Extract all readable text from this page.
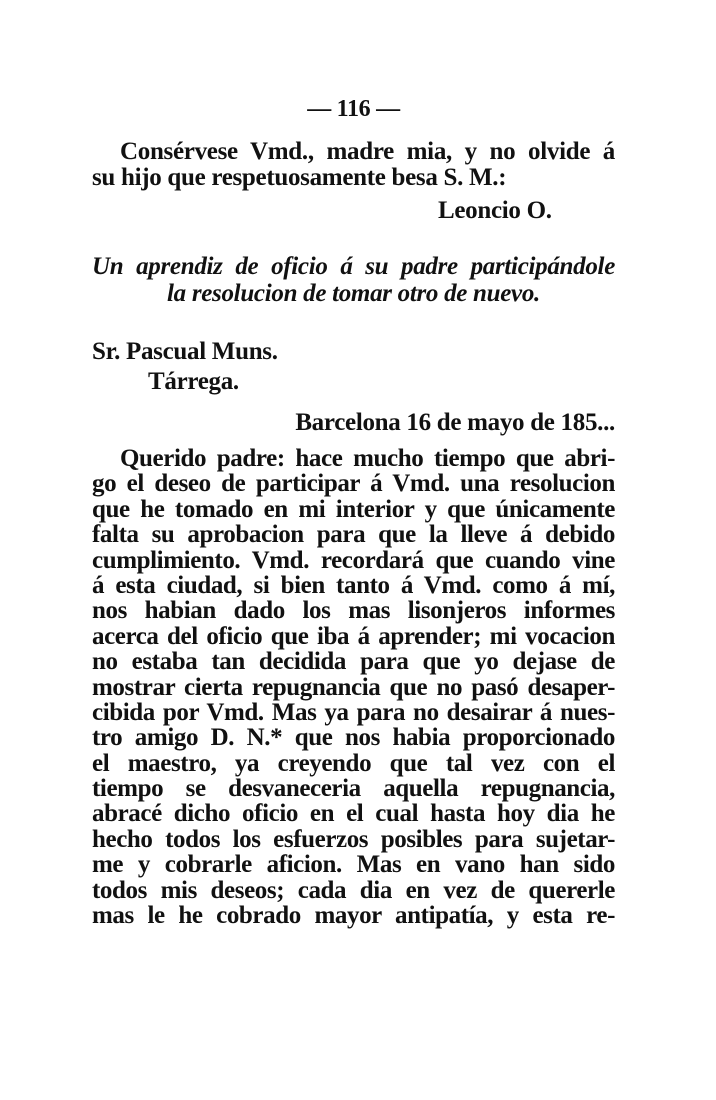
— 116 —
Consérvese Vmd., madre mia, y no olvide á
su hijo que respetuosamente besa S. M.:
Leoncio O.
Un aprendiz de oficio á su padre participándole
la resolucion de tomar otro de nuevo.
Sr. Pascual Muns.
Tárrega.
Barcelona 16 de mayo de 185...
Querido padre: hace mucho tiempo que abri-
go el deseo de participar á Vmd. una resolucion
que he tomado en mi interior y que únicamente
falta su aprobacion para que la lleve á debido
cumplimiento. Vmd. recordará que cuando vine
á esta ciudad, si bien tanto á Vmd. como á mí,
nos habian dado los mas lisonjeros informes
acerca del oficio que iba á aprender; mi vocacion
no estaba tan decidida para que yo dejase de
mostrar cierta repugnancia que no pasó desaper-
cibida por Vmd. Mas ya para no desairar á nues-
tro amigo D. N.* que nos habia proporcionado
el maestro, ya creyendo que tal vez con el
tiempo se desvaneceria aquella repugnancia,
abracé dicho oficio en el cual hasta hoy dia he
hecho todos los esfuerzos posibles para sujetar-
me y cobrarle aficion. Mas en vano han sido
todos mis deseos; cada dia en vez de quererle
mas le he cobrado mayor antipatía, y esta re-
